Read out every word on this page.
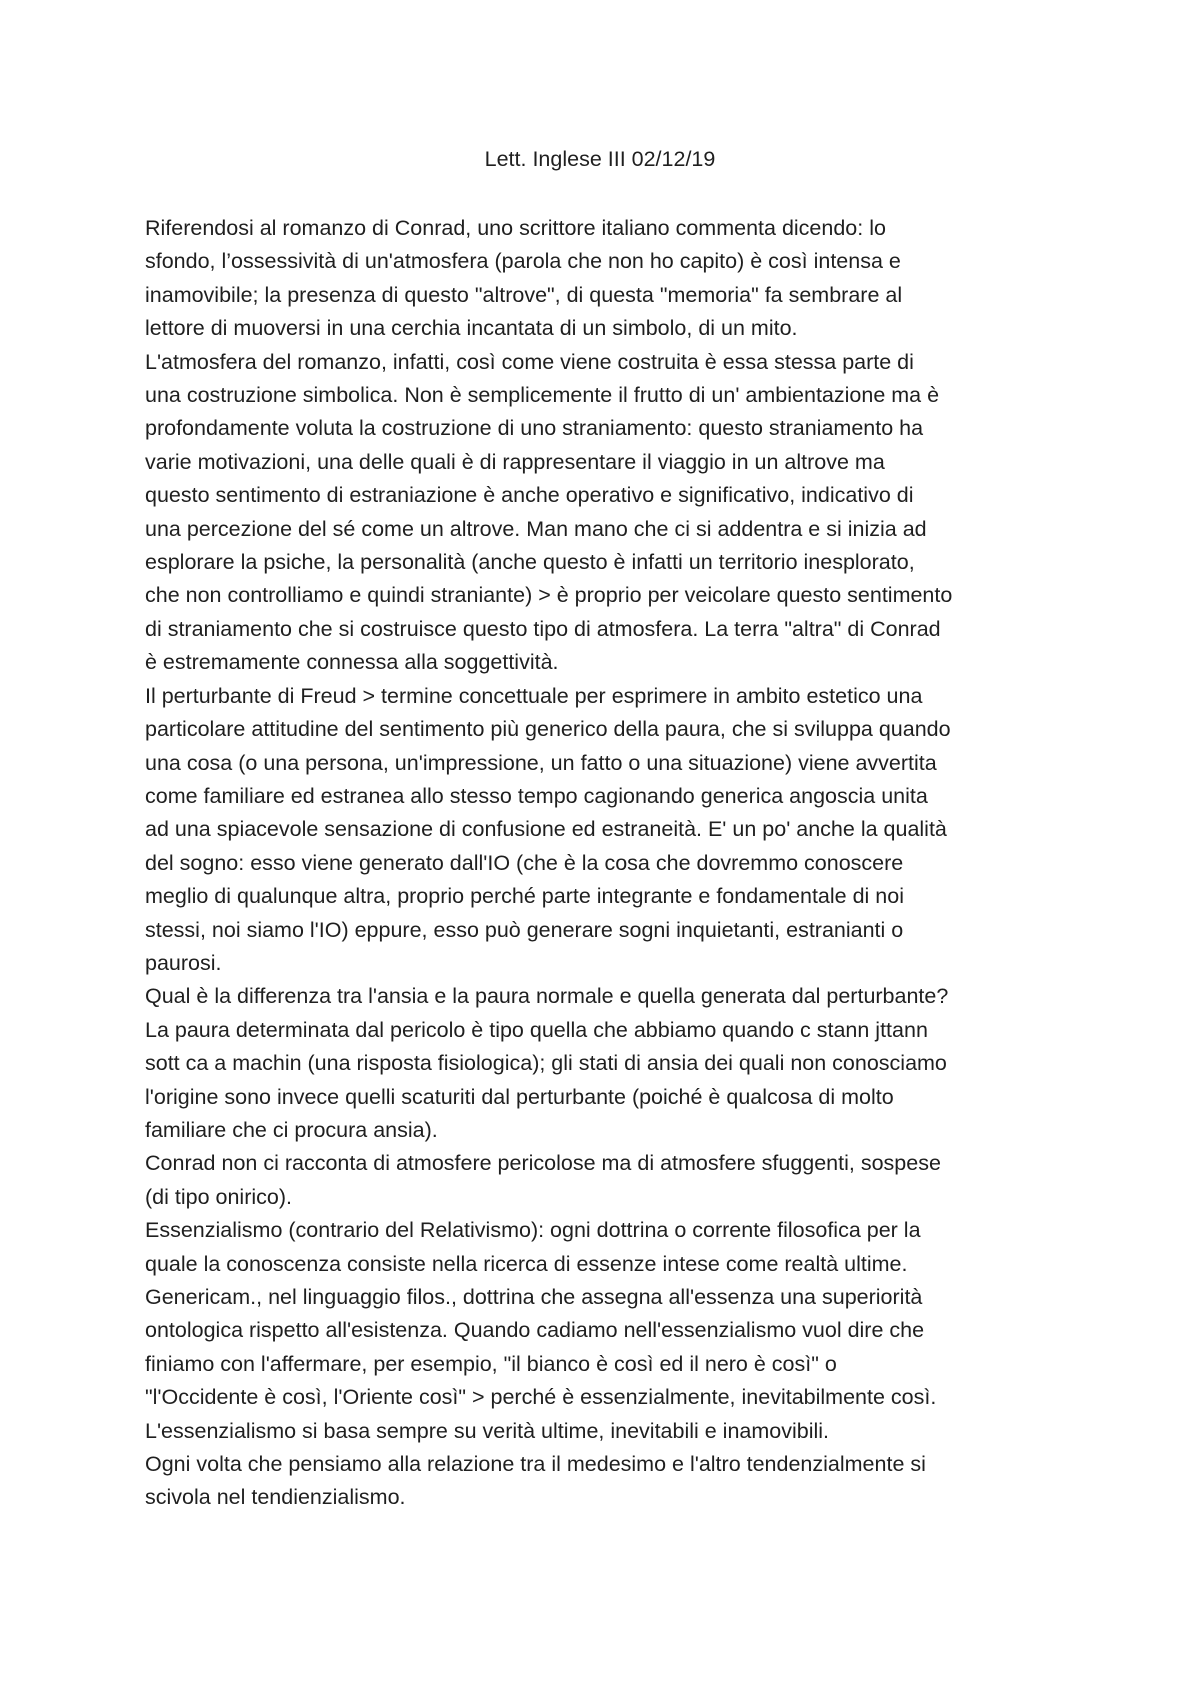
Lett. Inglese III 02/12/19
Riferendosi al romanzo di Conrad, uno scrittore italiano commenta dicendo: lo
sfondo, l’ossessività di un'atmosfera (parola che non ho capito) è così intensa e
inamovibile; la presenza di questo "altrove", di questa "memoria" fa sembrare al
lettore di muoversi in una cerchia incantata di un simbolo, di un mito.
L'atmosfera del romanzo, infatti, così come viene costruita è essa stessa parte di
una costruzione simbolica. Non è semplicemente il frutto di un' ambientazione ma è
profondamente voluta la costruzione di uno straniamento: questo straniamento ha
varie motivazioni, una delle quali è di rappresentare il viaggio in un altrove ma
questo sentimento di estraniazione è anche operativo e significativo, indicativo di
una percezione del sé come un altrove. Man mano che ci si addentra e si inizia ad
esplorare la psiche, la personalità (anche questo è infatti un territorio inesplorato,
che non controlliamo e quindi straniante) > è proprio per veicolare questo sentimento
di straniamento che si costruisce questo tipo di atmosfera. La terra "altra" di Conrad
è estremamente connessa alla soggettività.
Il perturbante di Freud > termine concettuale per esprimere in ambito estetico una
particolare attitudine del sentimento più generico della paura, che si sviluppa quando
una cosa (o una persona, un'impressione, un fatto o una situazione) viene avvertita
come familiare ed estranea allo stesso tempo cagionando generica angoscia unita
ad una spiacevole sensazione di confusione ed estraneità. E' un po' anche la qualità
del sogno: esso viene generato dall'IO (che è la cosa che dovremmo conoscere
meglio di qualunque altra, proprio perché parte integrante e fondamentale di noi
stessi, noi siamo l'IO) eppure, esso può generare sogni inquietanti, estranianti o
paurosi.
Qual è la differenza tra l'ansia e la paura normale e quella generata dal perturbante?
La paura determinata dal pericolo è tipo quella che abbiamo quando c stann jttann
sott ca a machin (una risposta fisiologica); gli stati di ansia dei quali non conosciamo
l'origine sono invece quelli scaturiti dal perturbante (poiché è qualcosa di molto
familiare che ci procura ansia).
Conrad non ci racconta di atmosfere pericolose ma di atmosfere sfuggenti, sospese
(di tipo onirico).
Essenzialismo (contrario del Relativismo): ogni dottrina o corrente filosofica per la
quale la conoscenza consiste nella ricerca di essenze intese come realtà ultime.
Genericam., nel linguaggio filos., dottrina che assegna all'essenza una superiorità
ontologica rispetto all'esistenza. Quando cadiamo nell'essenzialismo vuol dire che
finiamo con l'affermare, per esempio, "il bianco è così ed il nero è così" o
"l'Occidente è così, l'Oriente così" > perché è essenzialmente, inevitabilmente così.
L'essenzialismo si basa sempre su verità ultime, inevitabili e inamovibili.
Ogni volta che pensiamo alla relazione tra il medesimo e l'altro tendenzialmente si
scivola nel tendienzialismo.
